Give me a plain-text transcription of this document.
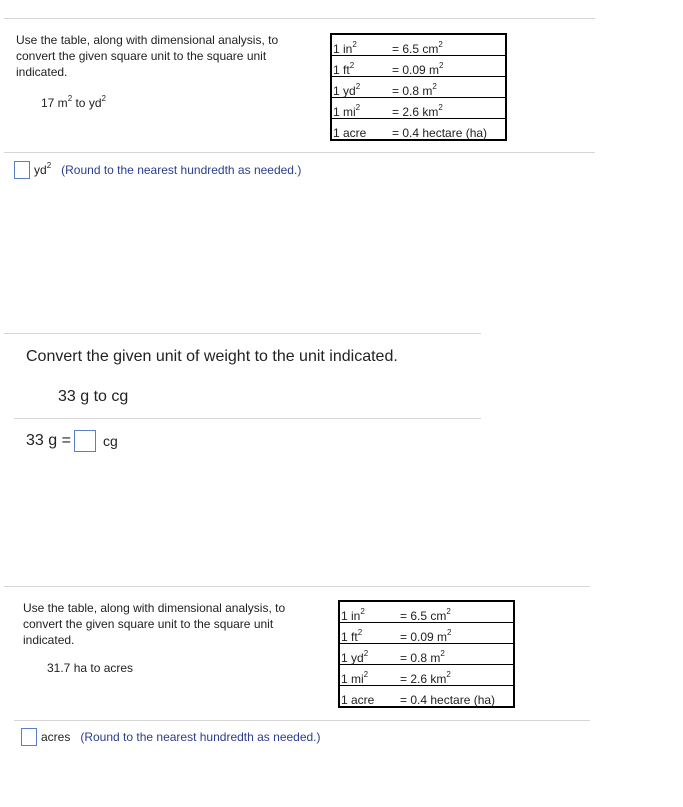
Use the table, along with dimensional analysis, to convert the given square unit to the square unit indicated.
17 $m^2$ to $yd^2$
1 $in^2$	= 6.5 $cm^2$
1 $ft^2$	= 0.09 $m^2$
1 $yd^2$	= 0.8 $m^2$
1 $mi^2$	= 2.6 $km^2$
1 acre	= 0.4 hectare (ha)
$yd^2$ (Round to the nearest hundredth as needed.)
Convert the given unit of weight to the unit indicated.
33 g to cg
33 g = cg
Use the table, along with dimensional analysis, to convert the given square unit to the square unit indicated.
31.7 ha to acres
1 $in^2$	= 6.5 $cm^2$
1 $ft^2$	= 0.09 $m^2$
1 $yd^2$	= 0.8 $m^2$
1 $mi^2$	= 2.6 $km^2$
1 acre	= 0.4 hectare (ha)
acres (Round to the nearest hundredth as needed.)
